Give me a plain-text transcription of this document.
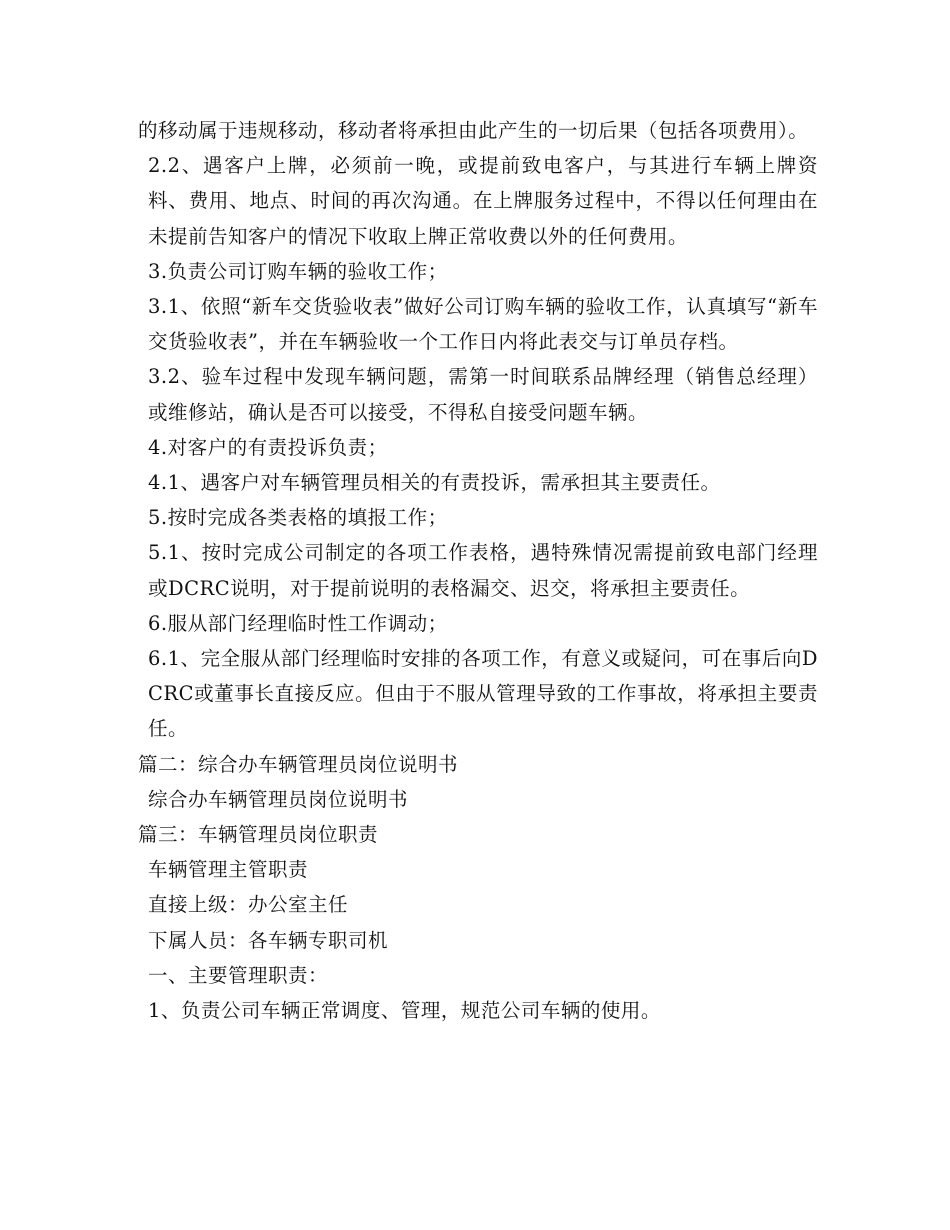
的移动属于违规移动，移动者将承担由此产生的一切后果（包括各项费用）。

2.2、遇客户上牌，必须前一晚，或提前致电客户，与其进行车辆上牌资料、费用、地点、时间的再次沟通。在上牌服务过程中，不得以任何理由在未提前告知客户的情况下收取上牌正常收费以外的任何费用。

3.负责公司订购车辆的验收工作；

3.1、依照“新车交货验收表”做好公司订购车辆的验收工作，认真填写“新车交货验收表”，并在车辆验收一个工作日内将此表交与订单员存档。

3.2、验车过程中发现车辆问题，需第一时间联系品牌经理（销售总经理）或维修站，确认是否可以接受，不得私自接受问题车辆。

4.对客户的有责投诉负责；

4.1、遇客户对车辆管理员相关的有责投诉，需承担其主要责任。

5.按时完成各类表格的填报工作；

5.1、按时完成公司制定的各项工作表格，遇特殊情况需提前致电部门经理或DCRC说明，对于提前说明的表格漏交、迟交，将承担主要责任。

6.服从部门经理临时性工作调动；

6.1、完全服从部门经理临时安排的各项工作，有意义或疑问，可在事后向DCRC或董事长直接反应。但由于不服从管理导致的工作事故，将承担主要责任。

篇二：综合办车辆管理员岗位说明书

综合办车辆管理员岗位说明书

篇三：车辆管理员岗位职责

车辆管理主管职责

直接上级：办公室主任

下属人员：各车辆专职司机

一、主要管理职责：

1、负责公司车辆正常调度、管理，规范公司车辆的使用。
